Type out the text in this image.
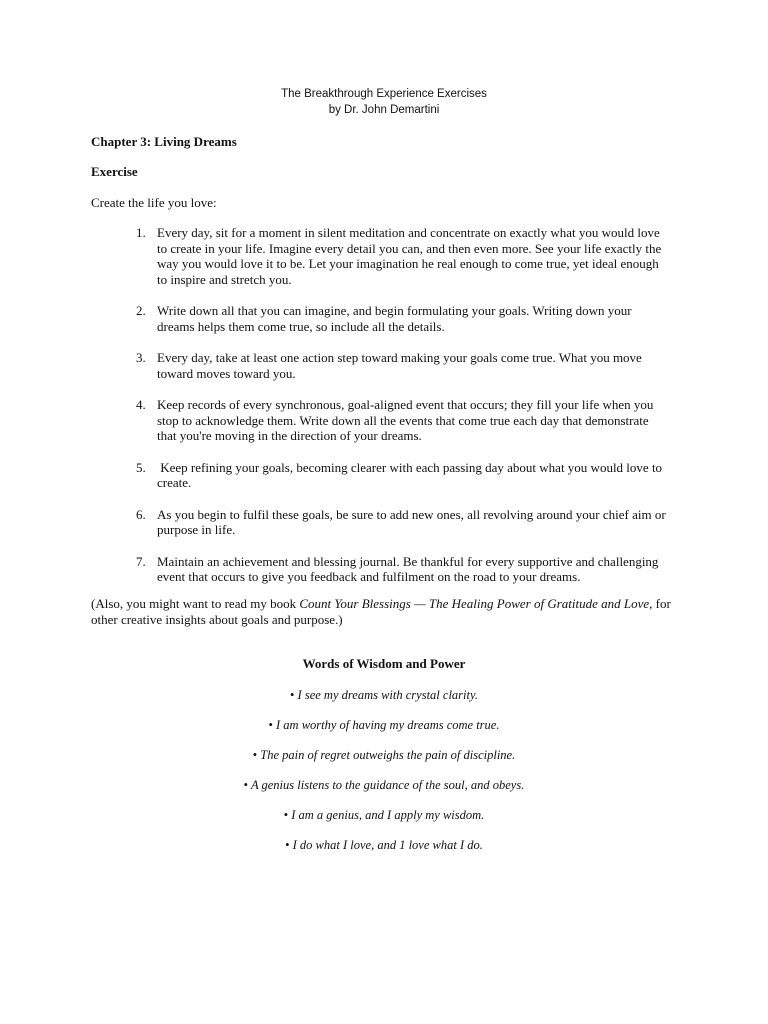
The Breakthrough Experience Exercises
by Dr. John Demartini
Chapter 3: Living Dreams
Exercise
Create the life you love:
1. Every day, sit for a moment in silent meditation and concentrate on exactly what you would love to create in your life. Imagine every detail you can, and then even more. See your life exactly the way you would love it to be. Let your imagination he real enough to come true, yet ideal enough to inspire and stretch you.
2. Write down all that you can imagine, and begin formulating your goals. Writing down your dreams helps them come true, so include all the details.
3. Every day, take at least one action step toward making your goals come true. What you move toward moves toward you.
4. Keep records of every synchronous, goal-aligned event that occurs; they fill your life when you stop to acknowledge them. Write down all the events that come true each day that demonstrate that you're moving in the direction of your dreams.
5. Keep refining your goals, becoming clearer with each passing day about what you would love to create.
6. As you begin to fulfil these goals, be sure to add new ones, all revolving around your chief aim or purpose in life.
7. Maintain an achievement and blessing journal. Be thankful for every supportive and challenging event that occurs to give you feedback and fulfilment on the road to your dreams.
(Also, you might want to read my book Count Your Blessings — The Healing Power of Gratitude and Love, for other creative insights about goals and purpose.)
Words of Wisdom and Power
• I see my dreams with crystal clarity.
• I am worthy of having my dreams come true.
• The pain of regret outweighs the pain of discipline.
• A genius listens to the guidance of the soul, and obeys.
• I am a genius, and I apply my wisdom.
• I do what I love, and 1 love what I do.
